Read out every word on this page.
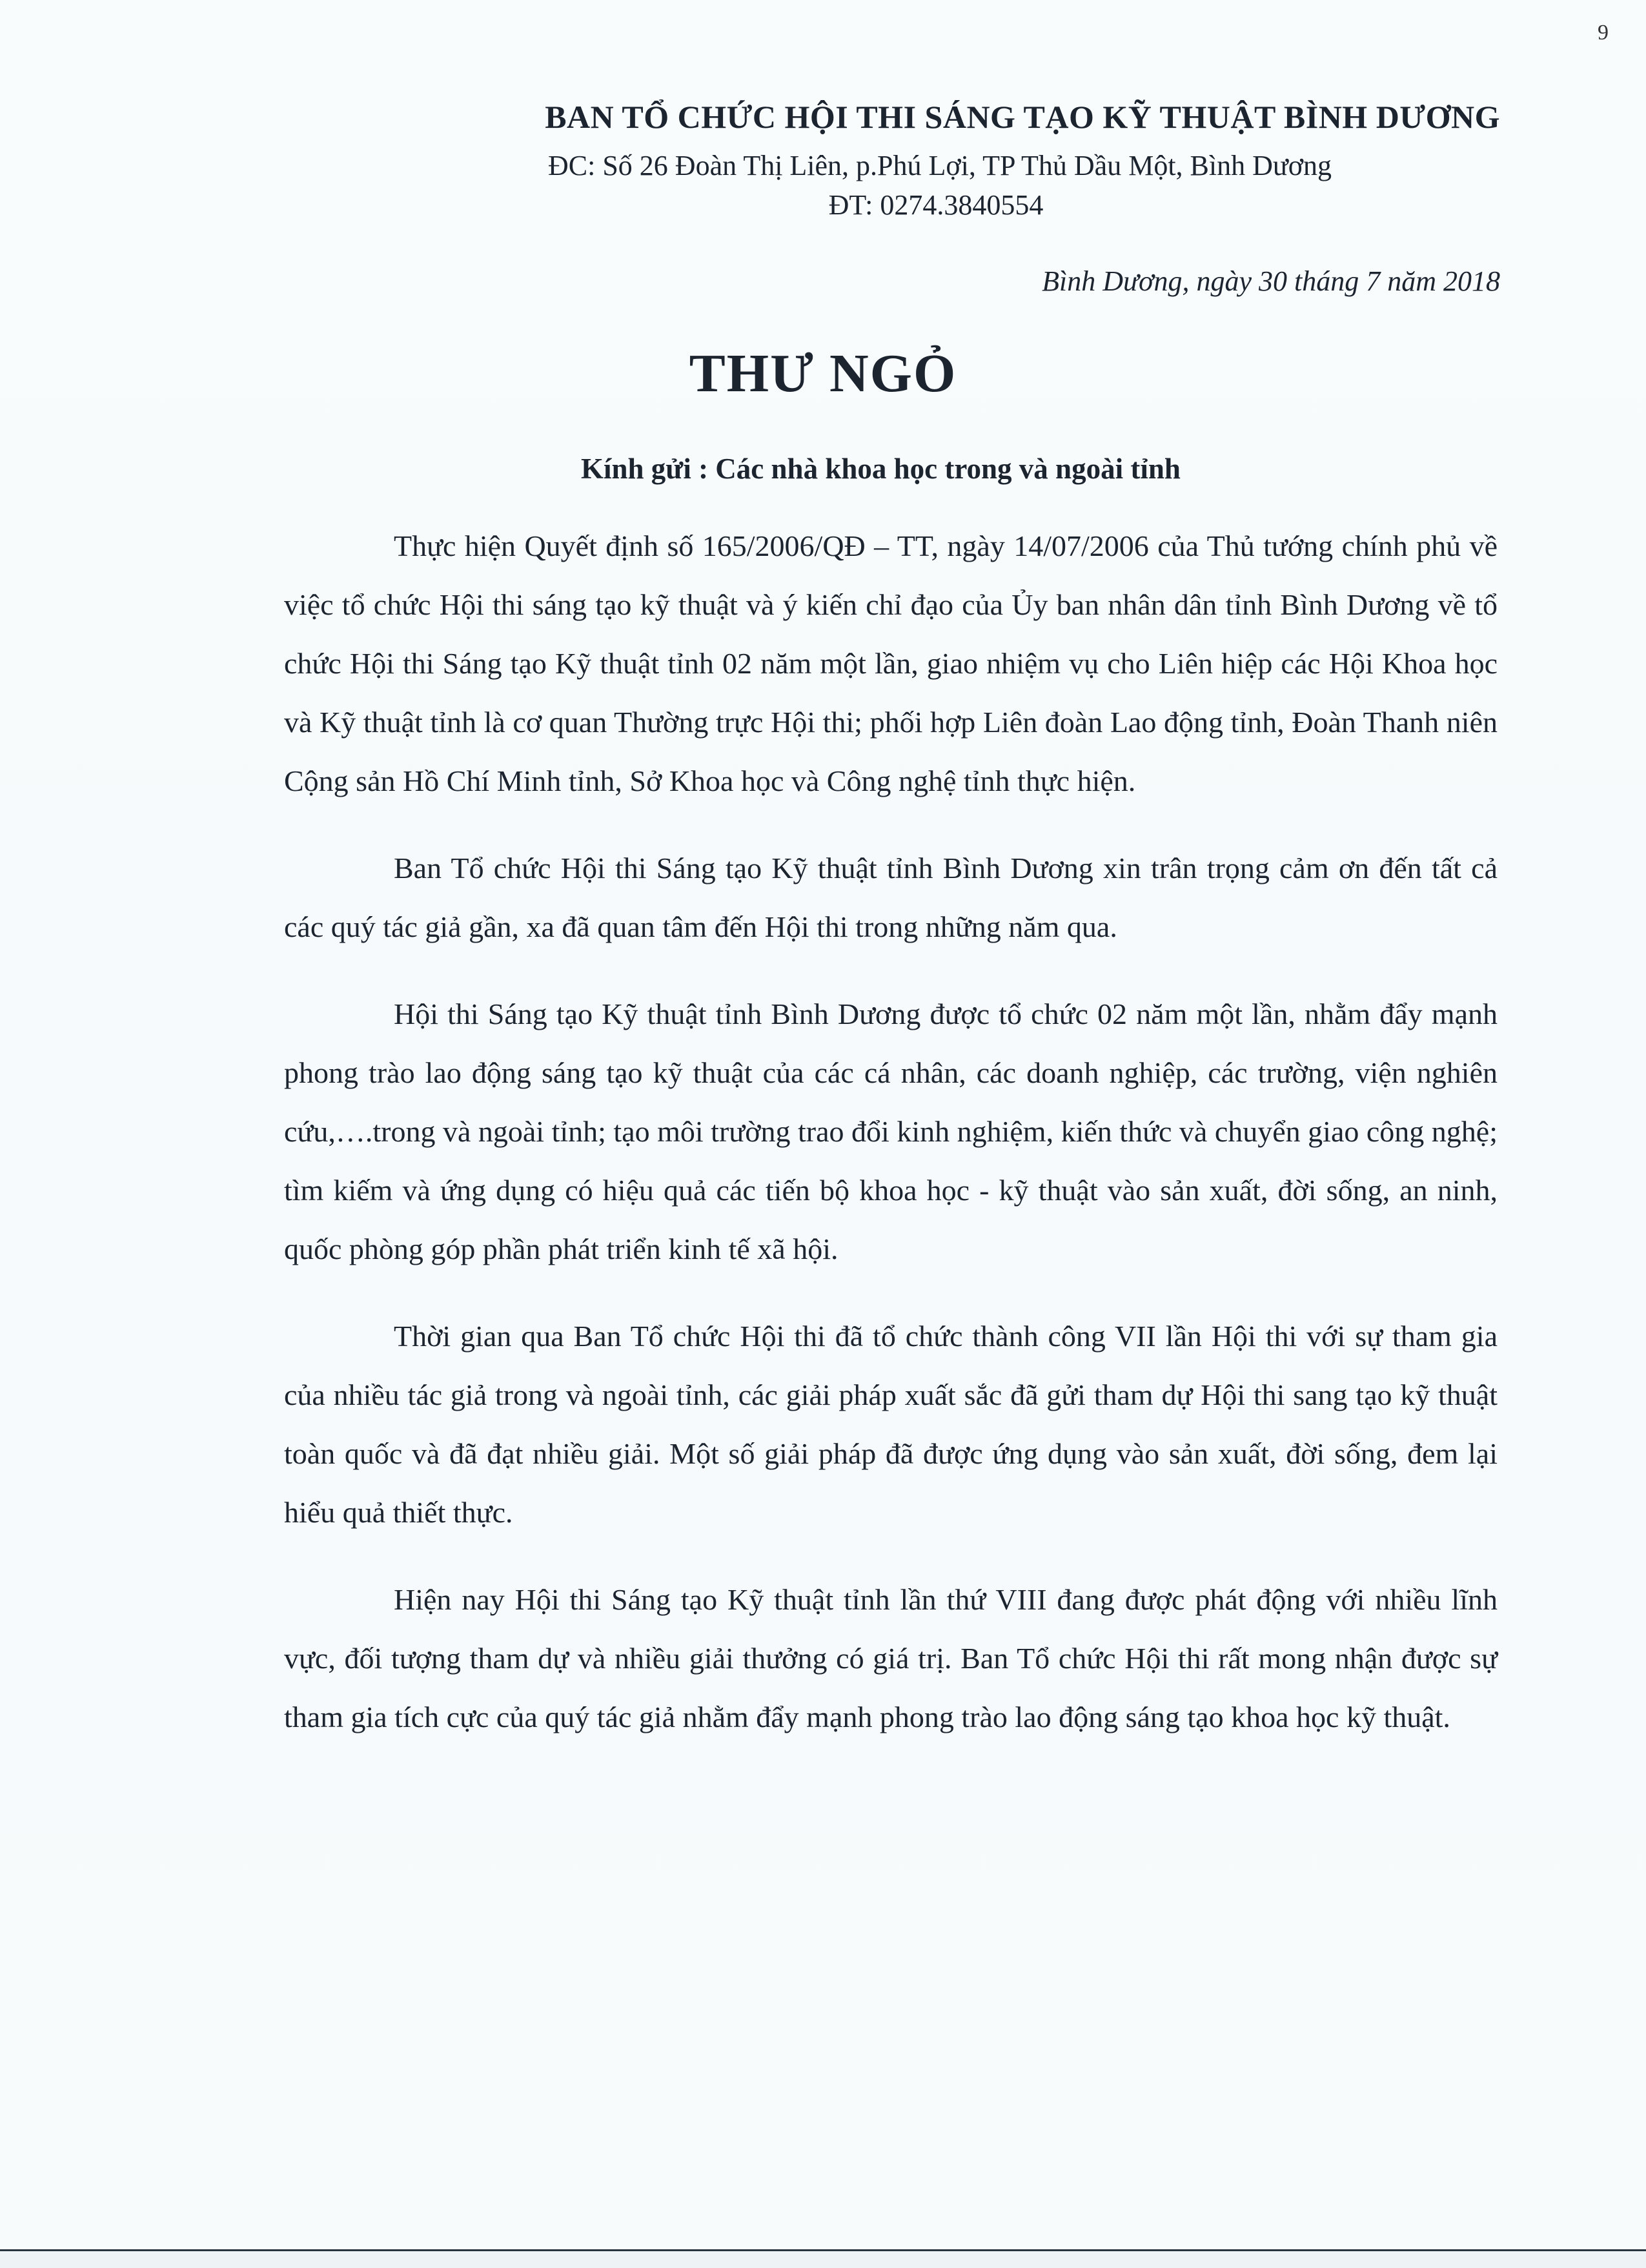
9
BAN TỔ CHỨC HỘI THI SÁNG TẠO KỸ THUẬT BÌNH DƯƠNG
ĐC: Số 26 Đoàn Thị Liên, p.Phú Lợi, TP Thủ Dầu Một, Bình Dương
ĐT: 0274.3840554
Bình Dương, ngày 30 tháng 7 năm 2018
THƯ NGỎ
Kính gửi : Các nhà khoa học trong và ngoài tỉnh

Thực hiện Quyết định số 165/2006/QĐ – TT, ngày 14/07/2006 của Thủ tướng chính phủ về việc tổ chức Hội thi sáng tạo kỹ thuật và ý kiến chỉ đạo của Ủy ban nhân dân tỉnh Bình Dương về tổ chức Hội thi Sáng tạo Kỹ thuật tỉnh 02 năm một lần, giao nhiệm vụ cho Liên hiệp các Hội Khoa học và Kỹ thuật tỉnh là cơ quan Thường trực Hội thi; phối hợp Liên đoàn Lao động tỉnh, Đoàn Thanh niên Cộng sản Hồ Chí Minh tỉnh, Sở Khoa học và Công nghệ tỉnh thực hiện.

Ban Tổ chức Hội thi Sáng tạo Kỹ thuật tỉnh Bình Dương xin trân trọng cảm ơn đến tất cả các quý tác giả gần, xa đã quan tâm đến Hội thi trong những năm qua.

Hội thi Sáng tạo Kỹ thuật tỉnh Bình Dương được tổ chức 02 năm một lần, nhằm đẩy mạnh phong trào lao động sáng tạo kỹ thuật của các cá nhân, các doanh nghiệp, các trường, viện nghiên cứu,….trong và ngoài tỉnh; tạo môi trường trao đổi kinh nghiệm, kiến thức và chuyển giao công nghệ; tìm kiếm và ứng dụng có hiệu quả các tiến bộ khoa học - kỹ thuật vào sản xuất, đời sống, an ninh, quốc phòng góp phần phát triển kinh tế xã hội.

Thời gian qua Ban Tổ chức Hội thi đã tổ chức thành công VII lần Hội thi với sự tham gia của nhiều tác giả trong và ngoài tỉnh, các giải pháp xuất sắc đã gửi tham dự Hội thi sang tạo kỹ thuật toàn quốc và đã đạt nhiều giải. Một số giải pháp đã được ứng dụng vào sản xuất, đời sống, đem lại hiểu quả thiết thực.

Hiện nay Hội thi Sáng tạo Kỹ thuật tỉnh lần thứ VIII đang được phát động với nhiều lĩnh vực, đối tượng tham dự và nhiều giải thưởng có giá trị. Ban Tổ chức Hội thi rất mong nhận được sự tham gia tích cực của quý tác giả nhằm đẩy mạnh phong trào lao động sáng tạo khoa học kỹ thuật.
